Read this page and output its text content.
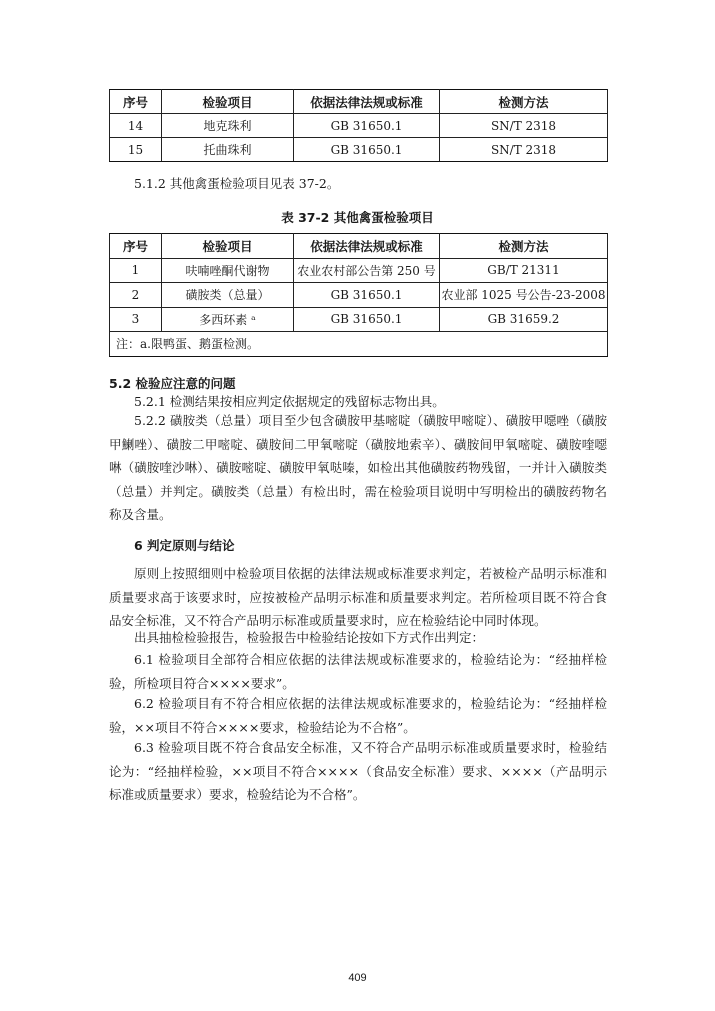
序号	检验项目	依据法律法规或标准	检测方法
14	地克珠利	GB 31650.1	SN/T 2318
15	托曲珠利	GB 31650.1	SN/T 2318
5.1.2 其他禽蛋检验项目见表 37-2。
表 37-2 其他禽蛋检验项目
序号	检验项目	依据法律法规或标准	检测方法
1	呋喃唑酮代谢物	农业农村部公告第 250 号	GB/T 21311
2	磺胺类（总量）	GB 31650.1	农业部 1025 号公告-23-2008
3	多西环素 ᵃ	GB 31650.1	GB 31659.2
注：a.限鸭蛋、鹅蛋检测。			
5.2 检验应注意的问题
5.2.1 检测结果按相应判定依据规定的残留标志物出具。
5.2.2 磺胺类（总量）项目至少包含磺胺甲基嘧啶（磺胺甲嘧啶）、磺胺甲噁唑（磺胺甲鯻唑）、磺胺二甲嘧啶、磺胺间二甲氧嘧啶（磺胺地索辛）、磺胺间甲氧嘧啶、磺胺喹噁啉（磺胺喹沙啉）、磺胺嘧啶、磺胺甲氧哒嗪，如检出其他磺胺药物残留，一并计入磺胺类（总量）并判定。磺胺类（总量）有检出时，需在检验项目说明中写明检出的磺胺药物名称及含量。
6 判定原则与结论
原则上按照细则中检验项目依据的法律法规或标准要求判定，若被检产品明示标准和质量要求高于该要求时，应按被检产品明示标准和质量要求判定。若所检项目既不符合食品安全标准，又不符合产品明示标准或质量要求时，应在检验结论中同时体现。
出具抽检检验报告，检验报告中检验结论按如下方式作出判定：
6.1 检验项目全部符合相应依据的法律法规或标准要求的，检验结论为：“经抽样检验，所检项目符合××××要求”。
6.2 检验项目有不符合相应依据的法律法规或标准要求的，检验结论为：“经抽样检验，××项目不符合××××要求，检验结论为不合格”。
6.3 检验项目既不符合食品安全标准，又不符合产品明示标准或质量要求时，检验结论为：“经抽样检验，××项目不符合××××（食品安全标准）要求、××××（产品明示标准或质量要求）要求，检验结论为不合格”。
409
